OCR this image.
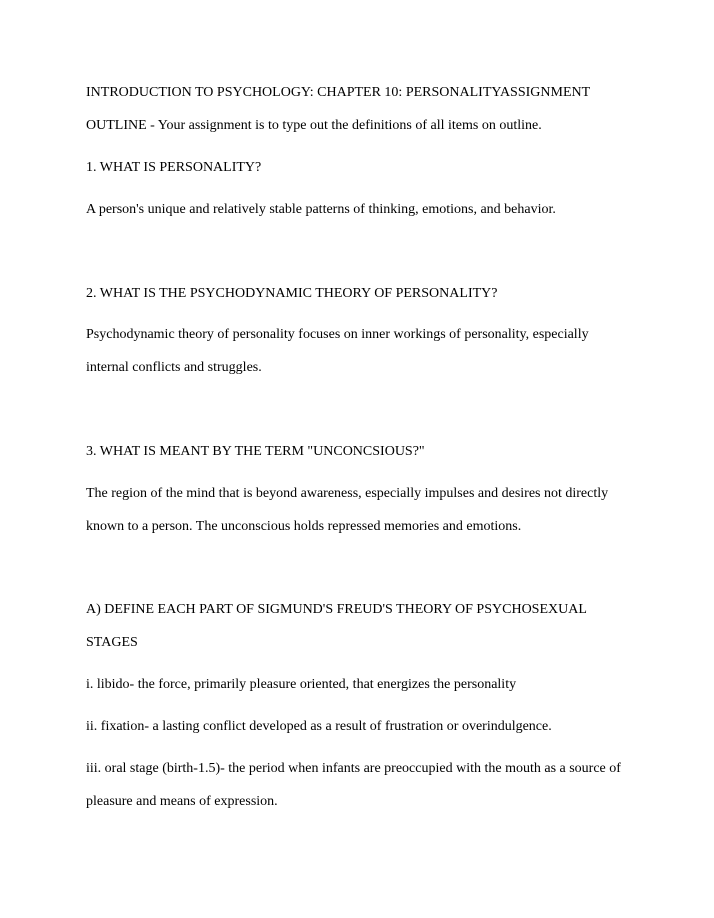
INTRODUCTION TO PSYCHOLOGY: CHAPTER 10: PERSONALITYASSIGNMENT
OUTLINE - Your assignment is to type out the definitions of all items on outline.
1. WHAT IS PERSONALITY?
A person's unique and relatively stable patterns of thinking, emotions, and behavior.
2. WHAT IS THE PSYCHODYNAMIC THEORY OF PERSONALITY?
Psychodynamic theory of personality focuses on inner workings of personality, especially
internal conflicts and struggles.
3. WHAT IS MEANT BY THE TERM "UNCONCSIOUS?"
The region of the mind that is beyond awareness, especially impulses and desires not directly
known to a person. The unconscious holds repressed memories and emotions.
A) DEFINE EACH PART OF SIGMUND'S FREUD'S THEORY OF PSYCHOSEXUAL
STAGES
i. libido- the force, primarily pleasure oriented, that energizes the personality
ii. fixation- a lasting conflict developed as a result of frustration or overindulgence.
iii. oral stage (birth-1.5)- the period when infants are preoccupied with the mouth as a source of
pleasure and means of expression.
